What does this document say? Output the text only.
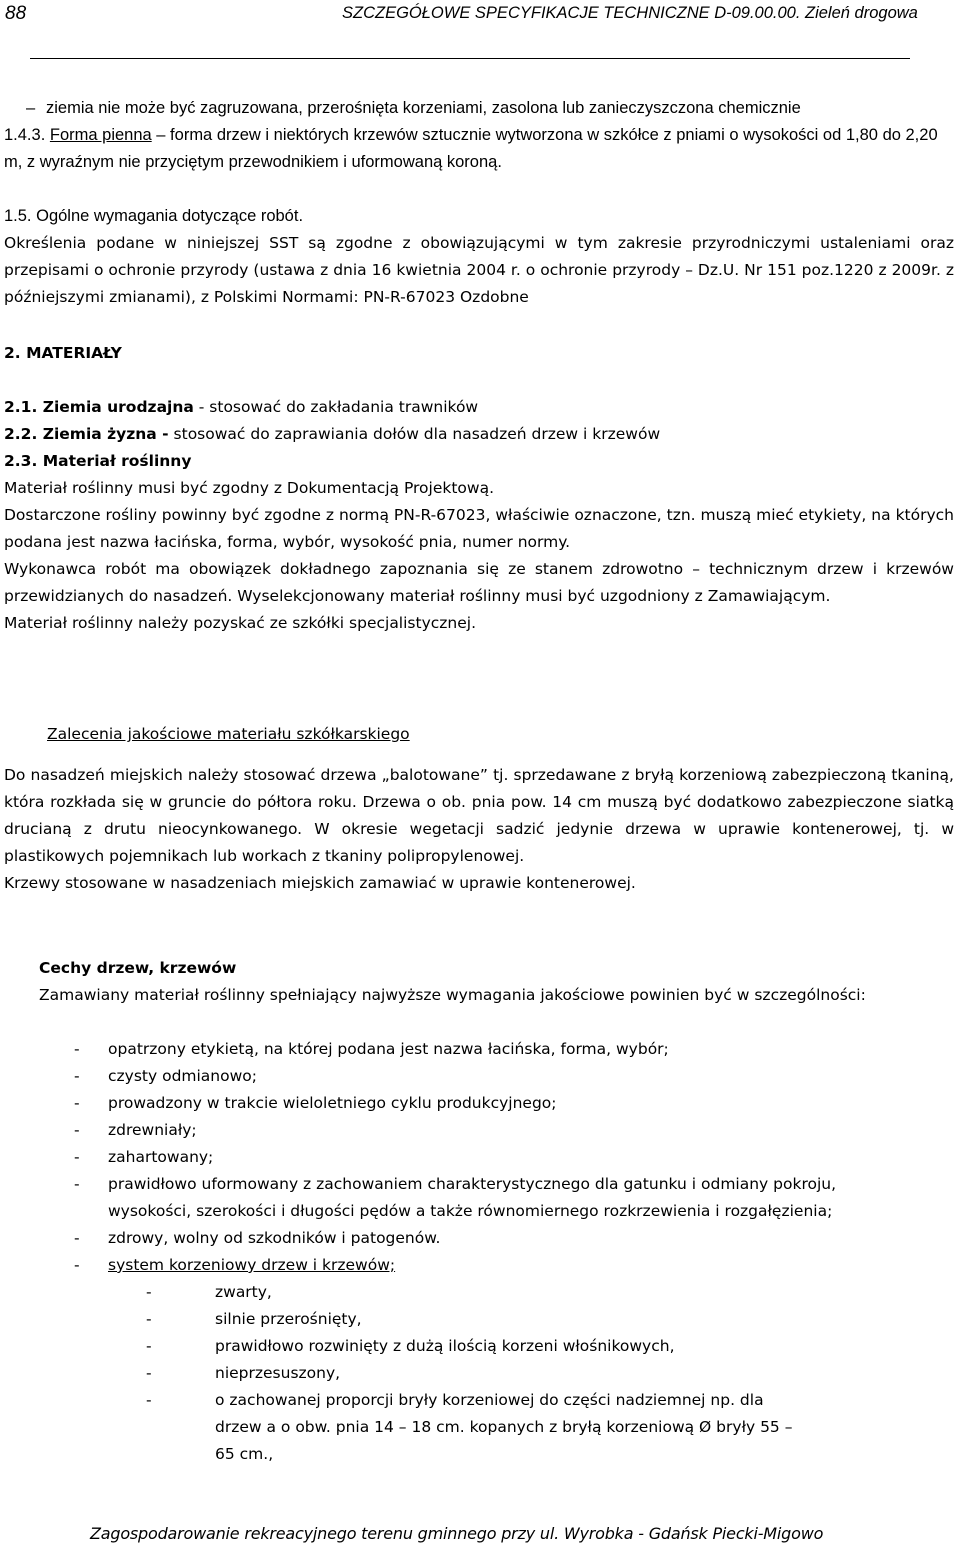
88	SZCZEGÓŁOWE SPECYFIKACJE TECHNICZNE D-09.00.00. Zieleń drogowa

– ziemia nie może być zagruzowana, przerośnięta korzeniami, zasolona lub zanieczyszczona chemicznie

1.4.3. Forma pienna – forma drzew i niektórych krzewów sztucznie wytworzona w szkółce z pniami o wysokości od 1,80 do 2,20 m, z wyraźnym nie przyciętym przewodnikiem i uformowaną koroną.

1.5. Ogólne wymagania dotyczące robót.

Określenia podane w niniejszej SST są zgodne z obowiązującymi w tym zakresie przyrodniczymi ustaleniami oraz przepisami o ochronie przyrody (ustawa z dnia 16 kwietnia 2004 r. o ochronie przyrody – Dz.U. Nr 151 poz.1220 z 2009r. z późniejszymi zmianami), z Polskimi Normami: PN-R-67023 Ozdobne

2. MATERIAŁY

2.1. Ziemia urodzajna - stosować do zakładania trawników

2.2. Ziemia żyzna - stosować do zaprawiania dołów dla nasadzeń drzew i krzewów

2.3. Materiał roślinny

Materiał roślinny musi być zgodny z Dokumentacją Projektową.

Dostarczone rośliny powinny być zgodne z normą PN-R-67023, właściwie oznaczone, tzn. muszą mieć etykiety, na których podana jest nazwa łacińska, forma, wybór, wysokość pnia, numer normy.

Wykonawca robót ma obowiązek dokładnego zapoznania się ze stanem zdrowotno – technicznym drzew i krzewów przewidzianych do nasadzeń. Wyselekcjonowany materiał roślinny musi być uzgodniony z Zamawiającym.

Materiał roślinny należy pozyskać ze szkółki specjalistycznej.

Zalecenia jakościowe materiału szkółkarskiego

Do nasadzeń miejskich należy stosować drzewa „balotowane” tj. sprzedawane z bryłą korzeniową zabezpieczoną tkaniną, która rozkłada się w gruncie do półtora roku. Drzewa o ob. pnia pow. 14 cm muszą być dodatkowo zabezpieczone siatką drucianą z drutu nieocynkowanego. W okresie wegetacji sadzić jedynie drzewa w uprawie kontenerowej, tj. w plastikowych pojemnikach lub workach z tkaniny polipropylenowej.

Krzewy stosowane w nasadzeniach miejskich zamawiać w uprawie kontenerowej.

Cechy drzew, krzewów

Zamawiany materiał roślinny spełniający najwyższe wymagania jakościowe powinien być w szczególności:

- opatrzony etykietą, na której podana jest nazwa łacińska, forma, wybór;
- czysty odmianowo;
- prowadzony w trakcie wieloletniego cyklu produkcyjnego;
- zdrewniały;
- zahartowany;
- prawidłowo uformowany z zachowaniem charakterystycznego dla gatunku i odmiany pokroju, wysokości, szerokości i długości pędów a także równomiernego rozkrzewienia i rozgałęzienia;
- zdrowy, wolny od szkodników i patogenów.
- system korzeniowy drzew i krzewów;
-	zwarty,
-	silnie przerośnięty,
-	prawidłowo rozwinięty z dużą ilością korzeni włośnikowych,
-	nieprzesuszony,
-	o zachowanej proporcji bryły korzeniowej do części nadziemnej np. dla drzew a o obw. pnia 14 – 18 cm. kopanych z bryłą korzeniową Ø bryły 55 – 65 cm.,
Zagospodarowanie rekreacyjnego terenu gminnego przy ul. Wyrobka - Gdańsk Piecki-Migowo
